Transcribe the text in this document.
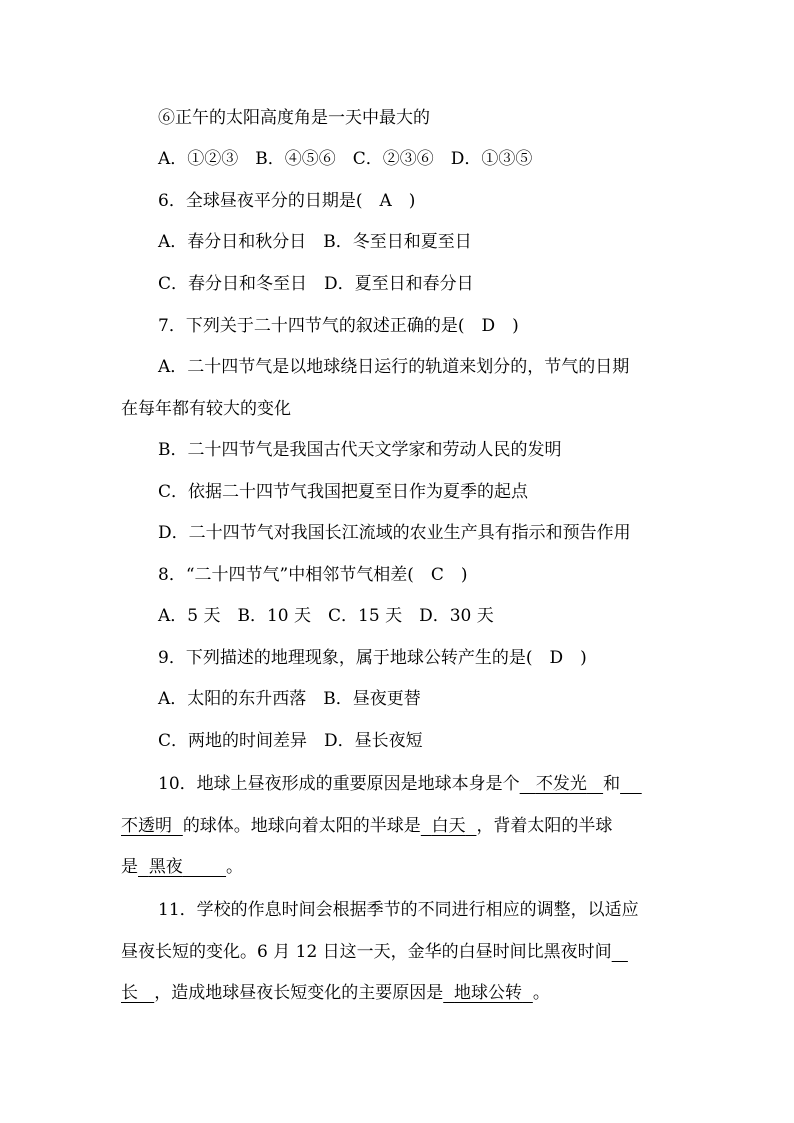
⑥正午的太阳高度角是一天中最大的
A．①②③　B．④⑤⑥　C．②③⑥　D．①③⑤
6．全球昼夜平分的日期是(　A　)
A．春分日和秋分日　B．冬至日和夏至日
C．春分日和冬至日　D．夏至日和春分日
7．下列关于二十四节气的叙述正确的是(　D　)
A．二十四节气是以地球绕日运行的轨道来划分的，节气的日期
在每年都有较大的变化
B．二十四节气是我国古代天文学家和劳动人民的发明
C．依据二十四节气我国把夏至日作为夏季的起点
D．二十四节气对我国长江流域的农业生产具有指示和预告作用
8．“二十四节气”中相邻节气相差(　C　)
A．5 天　B．10 天　C．15 天　D．30 天
9．下列描述的地理现象，属于地球公转产生的是(　D　)
A．太阳的东升西落　B．昼夜更替
C．两地的时间差异　D．昼长夜短
10．地球上昼夜形成的重要原因是地球本身是个 不发光 和
不透明 的球体。地球向着太阳的半球是 白天 ，背着太阳的半球
是 黑夜	。
11．学校的作息时间会根据季节的不同进行相应的调整，以适应
昼夜长短的变化。6 月 12 日这一天，金华的白昼时间比黑夜时间
长 ，造成地球昼夜长短变化的主要原因是 地球公转 。
